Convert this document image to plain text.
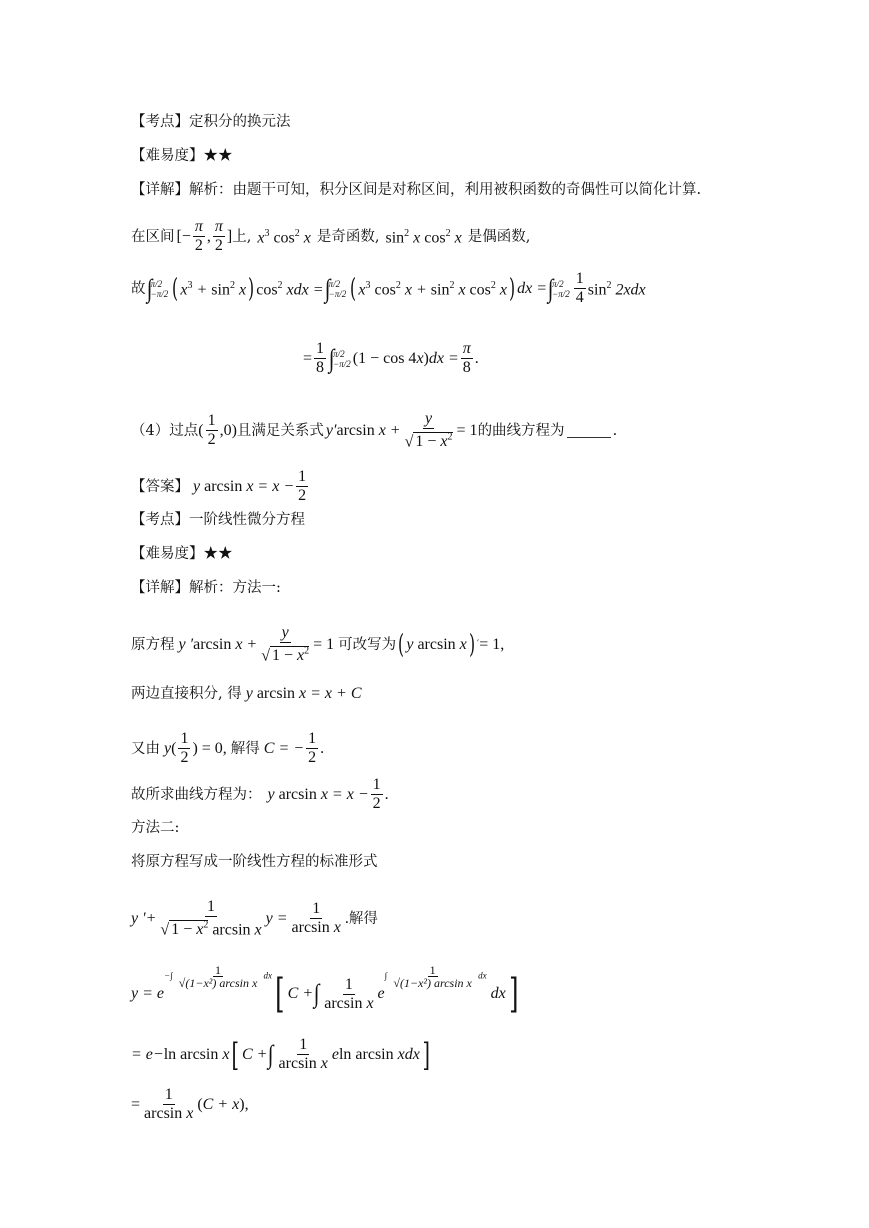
【考点】定积分的换元法
【难易度】★★
【详解】解析：由题干可知，积分区间是对称区间，利用被积函数的奇偶性可以简化计算.
在区间 [− $\frac{\pi}{2}$ , $\frac{\pi}{2}$ ] 上, $x^3$ $\cos^2 x$ 是奇函数, $\sin^2 x$ $\cos^2 x$ 是偶函数,
故 ∫
π/2
−π/2 ( $x^3 + \sin^2 x$ ) $\cos^2$ xdx = ∫
π/2
−π/2 ( $x^3$ $\cos^2 x + \sin^2 x$ $\cos^2 x$ ) dx = ∫
π/2
$-\pi/2 \frac{1}{4} \sin^2 2xdx$
= $\frac{1}{8}$ ∫
π/2
−π/2 $(1 - \cos 4x)dx = \frac{\pi}{8}$ .
（4）过点 ( $\frac{1}{2} ,0$) 且满足关系式 y′arcsin $x + \frac{y}{√ 1 - x^2} = 1$ 的曲线方程为	.
【答案】 y $\arcsin x = x - \frac{1}{2}$
【考点】一阶线性微分方程
【难易度】★★
【详解】解析：方法一:
原方程 y ′arcsin $x + \frac{y}{√ 1 - x^2} = 1$ 可改写为 ( y arcsin x ) ′ = 1,
两边直接积分, 得 y arcsin x = x + C
又由 $y( \frac{1}{2}$ ) = 0, 解得 C = − $\frac{1}{2}$ .
故所求曲线方程为： y $\arcsin x = x - \frac{1}{2}$ .
方法二:
将原方程写成一阶线性方程的标准形式
y ′+ $\frac{1}{√ 1 - x^2 \arcsin x}$ $y = \frac{1}{\text{arcsin x}}$ . 解得
y = e
−∫ $\frac{1}{\text{√(1−x²) arcsin x}}$ dx [ C + ∫ $\frac{1}{\text{arcsin x}}$ e
∫ $\frac{1}{\text{√(1−x²) arcsin x}}$ dx
dx ]
= e −ln arcsin x [ C + ∫ $\frac{1}{\text{arcsin x}}$ e ln arcsin x dx ]
= $\frac{1}{\text{arcsin x}} (C + x)$,
